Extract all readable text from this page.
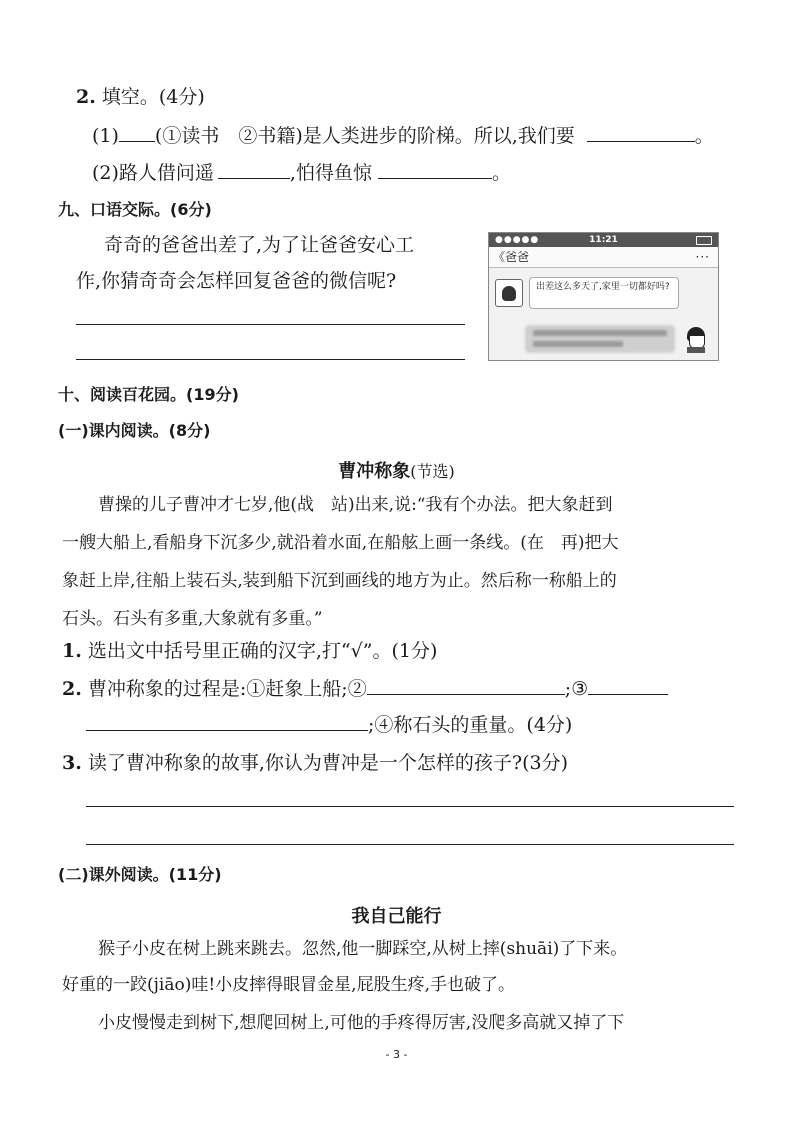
2. 填空。(4分)
(1) (①读书　②书籍)是人类进步的阶梯。所以,我们要	。
(2)路人借问遥	,怕得鱼惊	。
九、口语交际。(6分)
奇奇的爸爸出差了,为了让爸爸安心工
作,你猜奇奇会怎样回复爸爸的微信呢?
●●●●●	11:21
《爸爸	···
出差这么多天了,家里一切都好吗?
十、阅读百花园。(19分)
(一)课内阅读。(8分)
曹冲称象(节选)
曹操的儿子曹冲才七岁,他(战　站)出来,说:“我有个办法。把大象赶到
一艘大船上,看船身下沉多少,就沿着水面,在船舷上画一条线。(在　再)把大
象赶上岸,往船上装石头,装到船下沉到画线的地方为止。然后称一称船上的
石头。石头有多重,大象就有多重。”
1. 选出文中括号里正确的汉字,打“√”。(1分)
2. 曹冲称象的过程是:①赶象上船;②	;③
;④称石头的重量。(4分)
3. 读了曹冲称象的故事,你认为曹冲是一个怎样的孩子?(3分)
(二)课外阅读。(11分)
我自己能行
猴子小皮在树上跳来跳去。忽然,他一脚踩空,从树上摔(shuāi)了下来。
好重的一跤(jiāo)哇!小皮摔得眼冒金星,屁股生疼,手也破了。
小皮慢慢走到树下,想爬回树上,可他的手疼得厉害,没爬多高就又掉了下
- 3 -
